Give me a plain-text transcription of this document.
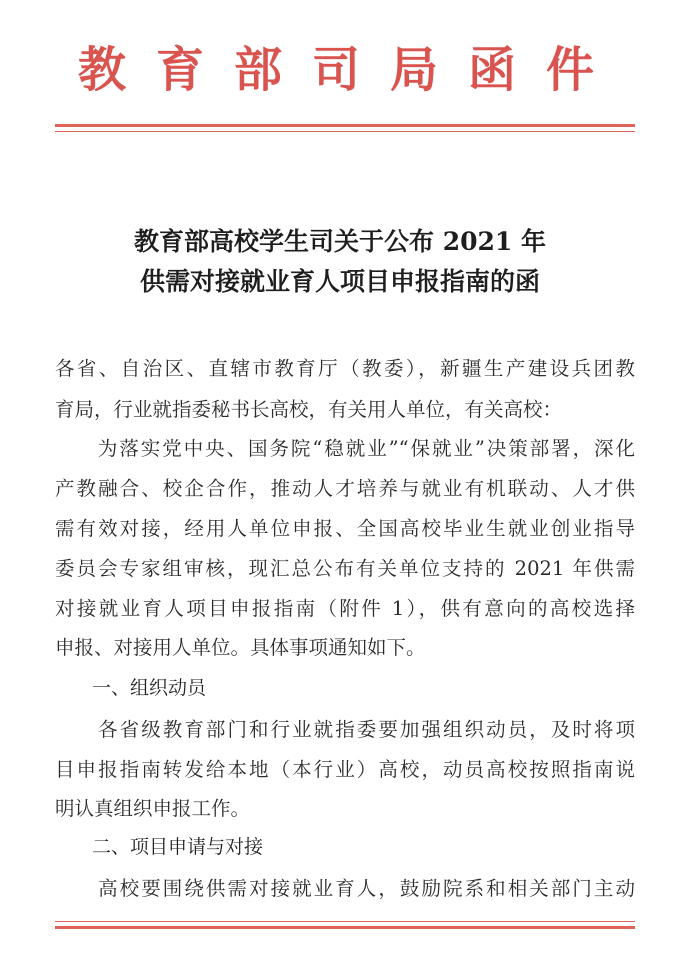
教育部司局函件
教育部高校学生司关于公布 2021 年
供需对接就业育人项目申报指南的函
各省、自治区、直辖市教育厅（教委），新疆生产建设兵团教
育局，行业就指委秘书长高校，有关用人单位，有关高校：
　　为落实党中央、国务院“稳就业”“保就业”决策部署，深化
产教融合、校企合作，推动人才培养与就业有机联动、人才供
需有效对接，经用人单位申报、全国高校毕业生就业创业指导
委员会专家组审核，现汇总公布有关单位支持的 2021 年供需
对接就业育人项目申报指南（附件 1），供有意向的高校选择
申报、对接用人单位。具体事项通知如下。
一、组织动员
　　各省级教育部门和行业就指委要加强组织动员，及时将项
目申报指南转发给本地（本行业）高校，动员高校按照指南说
明认真组织申报工作。
二、项目申请与对接
　　高校要围绕供需对接就业育人，鼓励院系和相关部门主动
